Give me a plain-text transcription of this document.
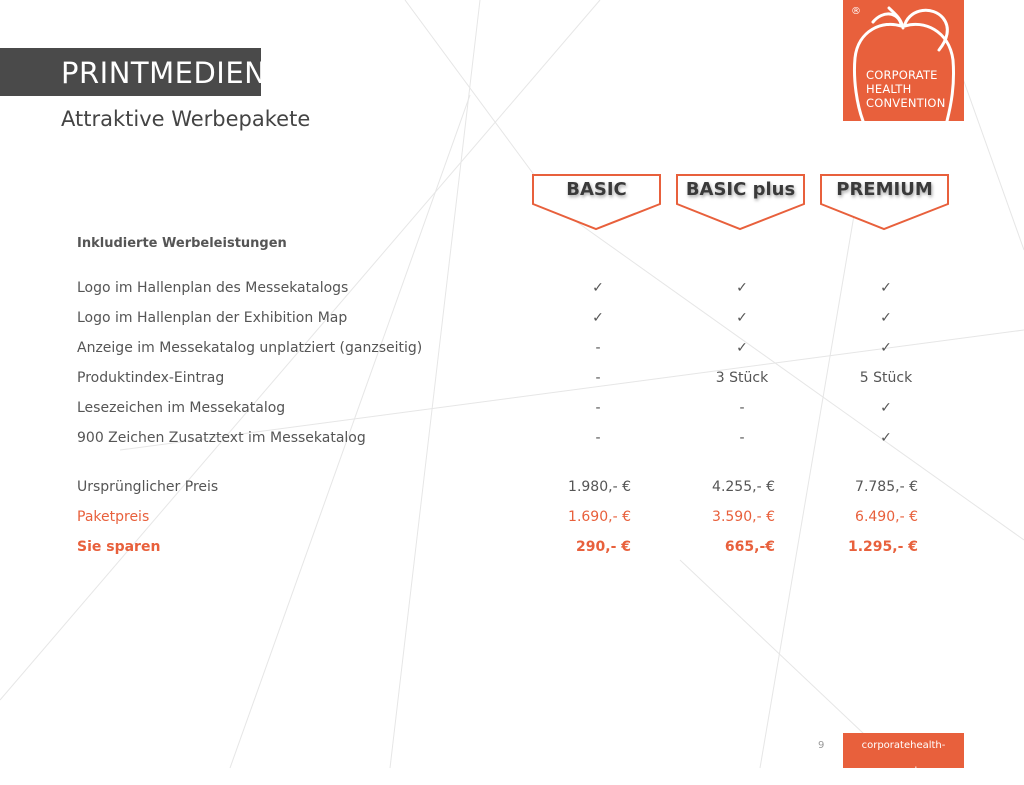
PRINTMEDIEN
Attraktive Werbepakete
®
CORPORATE
HEALTH
CONVENTION
BASIC	BASIC plus	PREMIUM
Inkludierte Werbeleistungen
Logo im Hallenplan des Messekatalogs	✓	✓	✓
Logo im Hallenplan der Exhibition Map	✓	✓	✓
Anzeige im Messekatalog unplatziert (ganzseitig)	-	✓	✓
Produktindex-Eintrag	-	3 Stück	5 Stück
Lesezeichen im Messekatalog	-	-	✓
900 Zeichen Zusatztext im Messekatalog	-	-	✓
Ursprünglicher Preis	1.980,- €	4.255,- €	7.785,- €
Paketpreis	1.690,- €	3.590,- €	6.490,- €
Sie sparen	290,- €	665,-€	1.295,- €
9	corporatehealth-expo.de
